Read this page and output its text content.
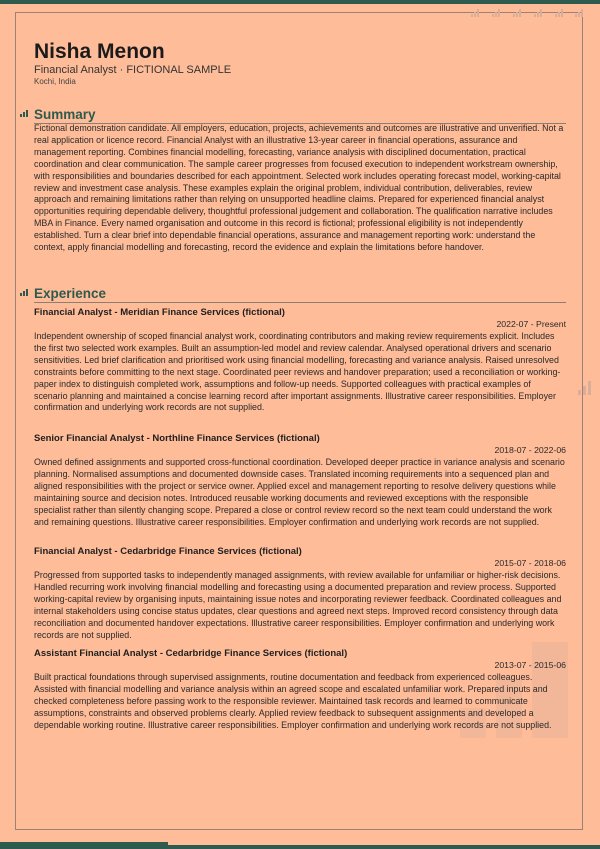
Nisha Menon
Financial Analyst · FICTIONAL SAMPLE
Kochi, India
Summary

Fictional demonstration candidate. All employers, education, projects, achievements and outcomes are illustrative and unverified. Not a real application or licence record. Financial Analyst with an illustrative 13-year career in financial operations, assurance and management reporting. Combines financial modelling, forecasting, variance analysis with disciplined documentation, practical coordination and clear communication. The sample career progresses from focused execution to independent workstream ownership, with responsibilities and boundaries described for each appointment. Selected work includes operating forecast model, working-capital review and investment case analysis. These examples explain the original problem, individual contribution, deliverables, review approach and remaining limitations rather than relying on unsupported headline claims. Prepared for experienced financial analyst opportunities requiring dependable delivery, thoughtful professional judgement and collaboration. The qualification narrative includes MBA in Finance. Every named organisation and outcome in this record is fictional; professional eligibility is not independently established. Turn a clear brief into dependable financial operations, assurance and management reporting work: understand the context, apply financial modelling and forecasting, record the evidence and explain the limitations before handover.

Experience
Financial Analyst - Meridian Finance Services (fictional)
2022-07 - Present

Independent ownership of scoped financial analyst work, coordinating contributors and making review requirements explicit. Includes the first two selected work examples. Built an assumption-led model and review calendar. Analysed operational drivers and scenario sensitivities. Led brief clarification and prioritised work using financial modelling, forecasting and variance analysis. Raised unresolved constraints before committing to the next stage. Coordinated peer reviews and handover preparation; used a reconciliation or working-paper index to distinguish completed work, assumptions and follow-up needs. Supported colleagues with practical examples of scenario planning and maintained a concise learning record after important assignments. Illustrative career responsibilities. Employer confirmation and underlying work records are not supplied.

Senior Financial Analyst - Northline Finance Services (fictional)
2018-07 - 2022-06

Owned defined assignments and supported cross-functional coordination. Developed deeper practice in variance analysis and scenario planning. Normalised assumptions and documented downside cases. Translated incoming requirements into a sequenced plan and aligned responsibilities with the project or service owner. Applied excel and management reporting to resolve delivery questions while maintaining source and decision notes. Introduced reusable working documents and reviewed exceptions with the responsible specialist rather than silently changing scope. Prepared a close or control review record so the next team could understand the work and remaining questions. Illustrative career responsibilities. Employer confirmation and underlying work records are not supplied.

Financial Analyst - Cedarbridge Finance Services (fictional)
2015-07 - 2018-06

Progressed from supported tasks to independently managed assignments, with review available for unfamiliar or higher-risk decisions. Handled recurring work involving financial modelling and forecasting using a documented preparation and review process. Supported working-capital review by organising inputs, maintaining issue notes and incorporating reviewer feedback. Coordinated colleagues and internal stakeholders using concise status updates, clear questions and agreed next steps. Improved record consistency through data reconciliation and documented handover expectations. Illustrative career responsibilities. Employer confirmation and underlying work records are not supplied.

Assistant Financial Analyst - Cedarbridge Finance Services (fictional)
2013-07 - 2015-06

Built practical foundations through supervised assignments, routine documentation and feedback from experienced colleagues. Assisted with financial modelling and variance analysis within an agreed scope and escalated unfamiliar work. Prepared inputs and checked completeness before passing work to the responsible reviewer. Maintained task records and learned to communicate assumptions, constraints and observed problems clearly. Applied review feedback to subsequent assignments and developed a dependable working routine. Illustrative career responsibilities. Employer confirmation and underlying work records are not supplied.
